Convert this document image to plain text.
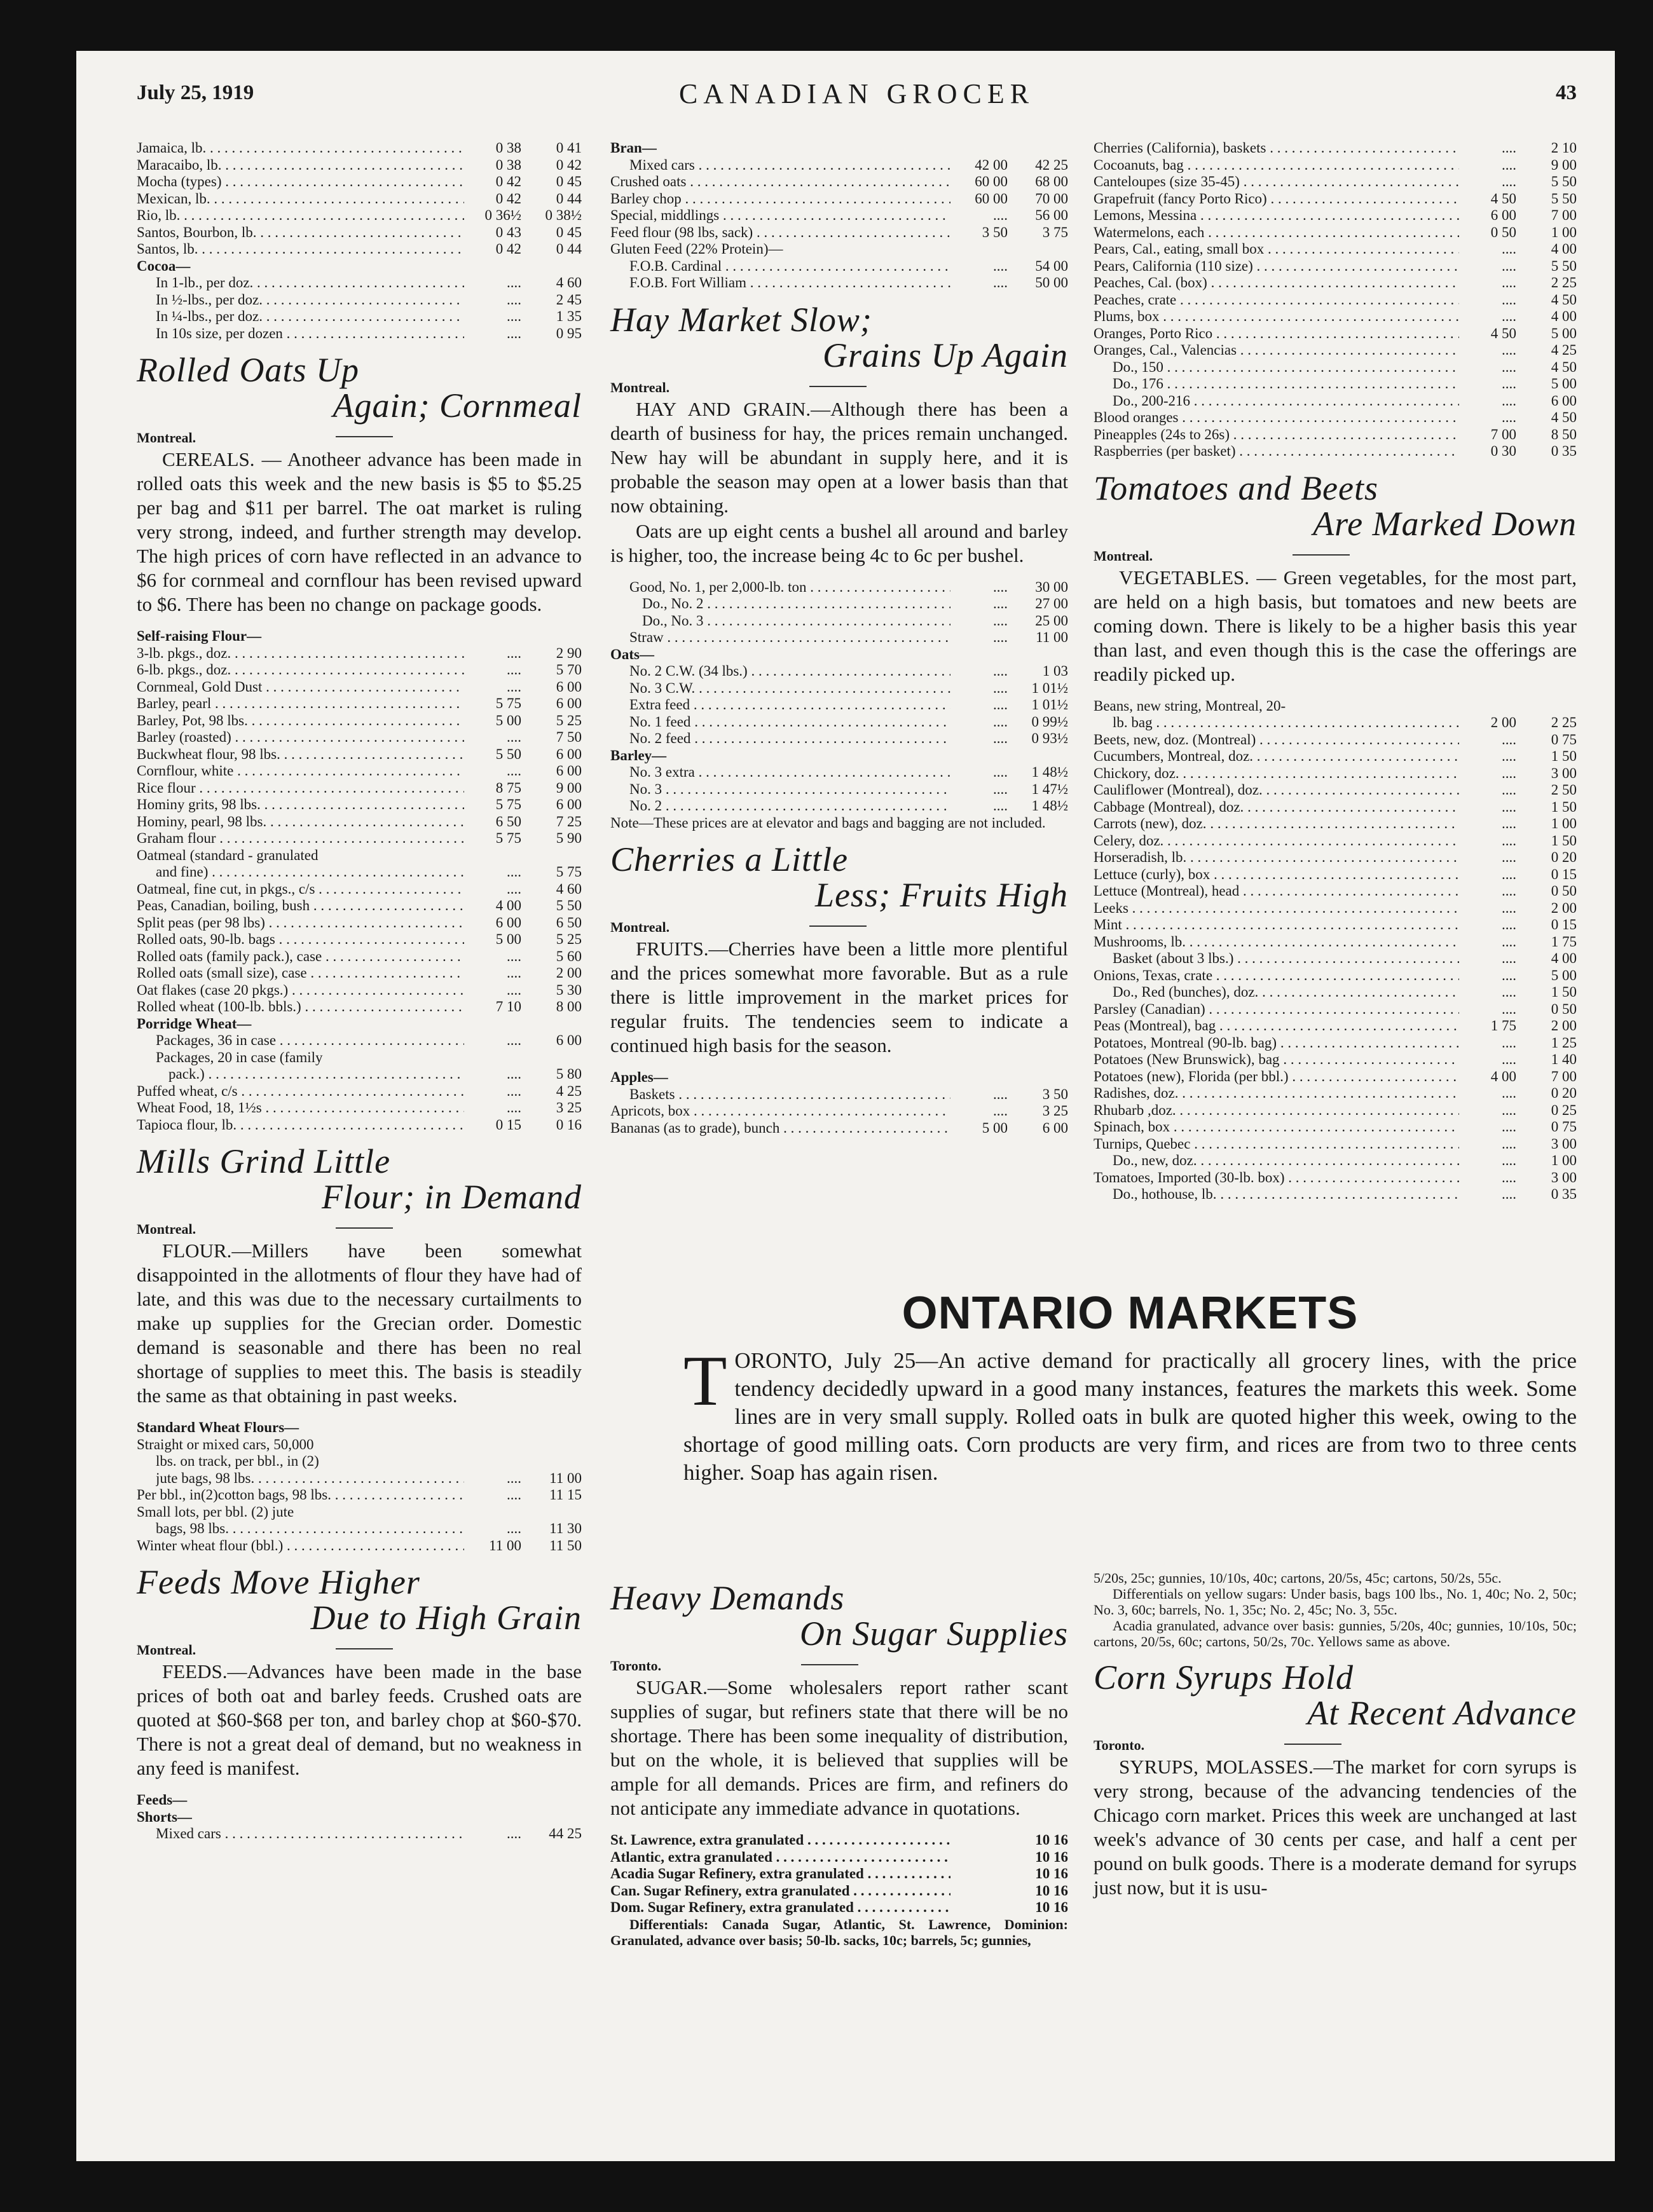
July 25, 1919	CANADIAN GROCER	43
Jamaica, lb. . . .	0 38	0 41
Maracaibo, lb. . . .	0 38	0 42
Mocha (types) . . .	0 42	0 45
Mexican, lb. . . .	0 42	0 44
Rio, lb. . . .	0 36½	0 38½
Santos, Bourbon, lb. . . .	0 43	0 45
Santos, lb. . . .	0 42	0 44
Cocoa—
In 1-lb., per doz. . . .	....	4 60
In ½-lbs., per doz. . . .	....	2 45
In ¼-lbs., per doz. . . .	....	1 35
In 10s size, per dozen . . .	....	0 95
Rolled Oats Up
Again; Cornmeal
Montreal.

CEREALS. — Anotheer advance has been made in rolled oats this week and the new basis is $5 to $5.25 per bag and $11 per barrel. The oat market is ruling very strong, indeed, and further strength may develop. The high prices of corn have reflected in an advance to $6 for cornmeal and cornflour has been revised upward to $6. There has been no change on package goods.

Self-raising Flour—
3-lb. pkgs., doz. . . .	....	2 90
6-lb. pkgs., doz. . . .	....	5 70
Cornmeal, Gold Dust . . .	....	6 00
Barley, pearl . . .	5 75	6 00
Barley, Pot, 98 lbs. . . .	5 00	5 25
Barley (roasted) . . .	....	7 50
Buckwheat flour, 98 lbs. . . .	5 50	6 00
Cornflour, white . . .	....	6 00
Rice flour . . .	8 75	9 00
Hominy grits, 98 lbs. . . .	5 75	6 00
Hominy, pearl, 98 lbs. . . .	6 50	7 25
Graham flour . . .	5 75	5 90
Oatmeal (standard - granulated
and fine) . . .	....	5 75
Oatmeal, fine cut, in pkgs., c/s . . .	....	4 60
Peas, Canadian, boiling, bush . . .	4 00	5 50
Split peas (per 98 lbs) . . .	6 00	6 50
Rolled oats, 90-lb. bags . . .	5 00	5 25
Rolled oats (family pack.), case . . .	....	5 60
Rolled oats (small size), case . . .	....	2 00
Oat flakes (case 20 pkgs.) . . .	....	5 30
Rolled wheat (100-lb. bbls.) . . .	7 10	8 00
Porridge Wheat—
Packages, 36 in case . . .	....	6 00
Packages, 20 in case (family
pack.) . . .	....	5 80
Puffed wheat, c/s . . .	....	4 25
Wheat Food, 18, 1½s . . .	....	3 25
Tapioca flour, lb. . . .	0 15	0 16
Mills Grind Little
Flour; in Demand
Montreal.

FLOUR.—Millers have been somewhat disappointed in the allotments of flour they have had of late, and this was due to the necessary curtailments to make up supplies for the Grecian order. Domestic demand is seasonable and there has been no real shortage of supplies to meet this. The basis is steadily the same as that obtaining in past weeks.

Standard Wheat Flours—
Straight or mixed cars, 50,000
lbs. on track, per bbl., in (2)
jute bags, 98 lbs. . . .	....	11 00
Per bbl., in(2)cotton bags, 98 lbs. . . .	....	11 15
Small lots, per bbl. (2) jute
bags, 98 lbs. . . .	....	11 30
Winter wheat flour (bbl.) . . .	11 00	11 50
Feeds Move Higher
Due to High Grain
Montreal.

FEEDS.—Advances have been made in the base prices of both oat and barley feeds. Crushed oats are quoted at $60-$68 per ton, and barley chop at $60-$70. There is not a great deal of demand, but no weakness in any feed is manifest.

Feeds—
Shorts—
Mixed cars . . .	....	44 25
Bran—
Mixed cars . . .	42 00	42 25
Crushed oats . . .	60 00	68 00
Barley chop . . .	60 00	70 00
Special, middlings . . .	....	56 00
Feed flour (98 lbs, sack) . . .	3 50	3 75
Gluten Feed (22% Protein)—
F.O.B. Cardinal . . .	....	54 00
F.O.B. Fort William . . .	....	50 00
Hay Market Slow;
Grains Up Again
Montreal.

HAY AND GRAIN.—Although there has been a dearth of business for hay, the prices remain unchanged. New hay will be abundant in supply here, and it is probable the season may open at a lower basis than that now obtaining.

Oats are up eight cents a bushel all around and barley is higher, too, the increase being 4c to 6c per bushel.

Good, No. 1, per 2,000-lb. ton . . .	....	30 00
Do., No. 2 . . .	....	27 00
Do., No. 3 . . .	....	25 00
Straw . . .	....	11 00
Oats—
No. 2 C.W. (34 lbs.) . . .	....	1 03
No. 3 C.W. . . .	....	1 01½
Extra feed . . .	....	1 01½
No. 1 feed . . .	....	0 99½
No. 2 feed . . .	....	0 93½
Barley—
No. 3 extra . . .	....	1 48½
No. 3 . . .	....	1 47½
No. 2 . . .	....	1 48½
Note—These prices are at elevator and bags and bagging are not included.
Cherries a Little
Less; Fruits High
Montreal.

FRUITS.—Cherries have been a little more plentiful and the prices somewhat more favorable. But as a rule there is little improvement in the market prices for regular fruits. The tendencies seem to indicate a continued high basis for the season.

Apples—
Baskets . . .	....	3 50
Apricots, box . . .	....	3 25
Bananas (as to grade), bunch . . .	5 00	6 00
Cherries (California), baskets . . .	....	2 10
Cocoanuts, bag . . .	....	9 00
Canteloupes (size 35-45) . . .	....	5 50
Grapefruit (fancy Porto Rico) . . .	4 50	5 50
Lemons, Messina . . .	6 00	7 00
Watermelons, each . . .	0 50	1 00
Pears, Cal., eating, small box . . .	....	4 00
Pears, California (110 size) . . .	....	5 50
Peaches, Cal. (box) . . .	....	2 25
Peaches, crate . . .	....	4 50
Plums, box . . .	....	4 00
Oranges, Porto Rico . . .	4 50	5 00
Oranges, Cal., Valencias . . .	....	4 25
Do., 150 . . .	....	4 50
Do., 176 . . .	....	5 00
Do., 200-216 . . .	....	6 00
Blood oranges . . .	....	4 50
Pineapples (24s to 26s) . . .	7 00	8 50
Raspberries (per basket) . . .	0 30	0 35
Tomatoes and Beets
Are Marked Down
Montreal.

VEGETABLES. — Green vegetables, for the most part, are held on a high basis, but tomatoes and new beets are coming down. There is likely to be a higher basis this year than last, and even though this is the case the offerings are readily picked up.

Beans, new string, Montreal, 20-
lb. bag . . .	2 00	2 25
Beets, new, doz. (Montreal) . . .	....	0 75
Cucumbers, Montreal, doz. . . .	....	1 50
Chickory, doz. . . .	....	3 00
Cauliflower (Montreal), doz. . . .	....	2 50
Cabbage (Montreal), doz. . . .	....	1 50
Carrots (new), doz. . . .	....	1 00
Celery, doz. . . .	....	1 50
Horseradish, lb. . . .	....	0 20
Lettuce (curly), box . . .	....	0 15
Lettuce (Montreal), head . . .	....	0 50
Leeks . . .	....	2 00
Mint . . .	....	0 15
Mushrooms, lb. . . .	....	1 75
Basket (about 3 lbs.) . . .	....	4 00
Onions, Texas, crate . . .	....	5 00
Do., Red (bunches), doz. . . .	....	1 50
Parsley (Canadian) . . .	....	0 50
Peas (Montreal), bag . . .	1 75	2 00
Potatoes, Montreal (90-lb. bag) . . .	....	1 25
Potatoes (New Brunswick), bag . . .	....	1 40
Potatoes (new), Florida (per bbl.) . . .	4 00	7 00
Radishes, doz. . . .	....	0 20
Rhubarb ,doz. . . .	....	0 25
Spinach, box . . .	....	0 75
Turnips, Quebec . . .	....	3 00
Do., new, doz. . . .	....	1 00
Tomatoes, Imported (30-lb. box) . . .	....	3 00
Do., hothouse, lb. . . .	....	0 35
ONTARIO MARKETS
T ORONTO, July 25—An active demand for practically all grocery lines, with the price tendency decidedly upward in a good many instances, features the markets this week. Some lines are in very small supply. Rolled oats in bulk are quoted higher this week, owing to the shortage of good milling oats. Corn products are very firm, and rices are from two to three cents higher. Soap has again risen.
Heavy Demands
On Sugar Supplies
Toronto.

SUGAR.—Some wholesalers report rather scant supplies of sugar, but refiners state that there will be no shortage. There has been some inequality of distribution, but on the whole, it is believed that supplies will be ample for all demands. Prices are firm, and refiners do not anticipate any immediate advance in quotations.

St. Lawrence, extra granulated . . .	10 16
Atlantic, extra granulated . . .	10 16
Acadia Sugar Refinery, extra granulated . . .	10 16
Can. Sugar Refinery, extra granulated . . .	10 16
Dom. Sugar Refinery, extra granulated . . .	10 16

Differentials: Canada Sugar, Atlantic, St. Lawrence, Dominion: Granulated, advance over basis; 50-lb. sacks, 10c; barrels, 5c; gunnies,

5/20s, 25c; gunnies, 10/10s, 40c; cartons, 20/5s, 45c; cartons, 50/2s, 55c.

Differentials on yellow sugars: Under basis, bags 100 lbs., No. 1, 40c; No. 2, 50c; No. 3, 60c; barrels, No. 1, 35c; No. 2, 45c; No. 3, 55c.

Acadia granulated, advance over basis: gunnies, 5/20s, 40c; gunnies, 10/10s, 50c; cartons, 20/5s, 60c; cartons, 50/2s, 70c. Yellows same as above.

Corn Syrups Hold
At Recent Advance
Toronto.

SYRUPS, MOLASSES.—The market for corn syrups is very strong, because of the advancing tendencies of the Chicago corn market. Prices this week are unchanged at last week's advance of 30 cents per case, and half a cent per pound on bulk goods. There is a moderate demand for syrups just now, but it is usu-
